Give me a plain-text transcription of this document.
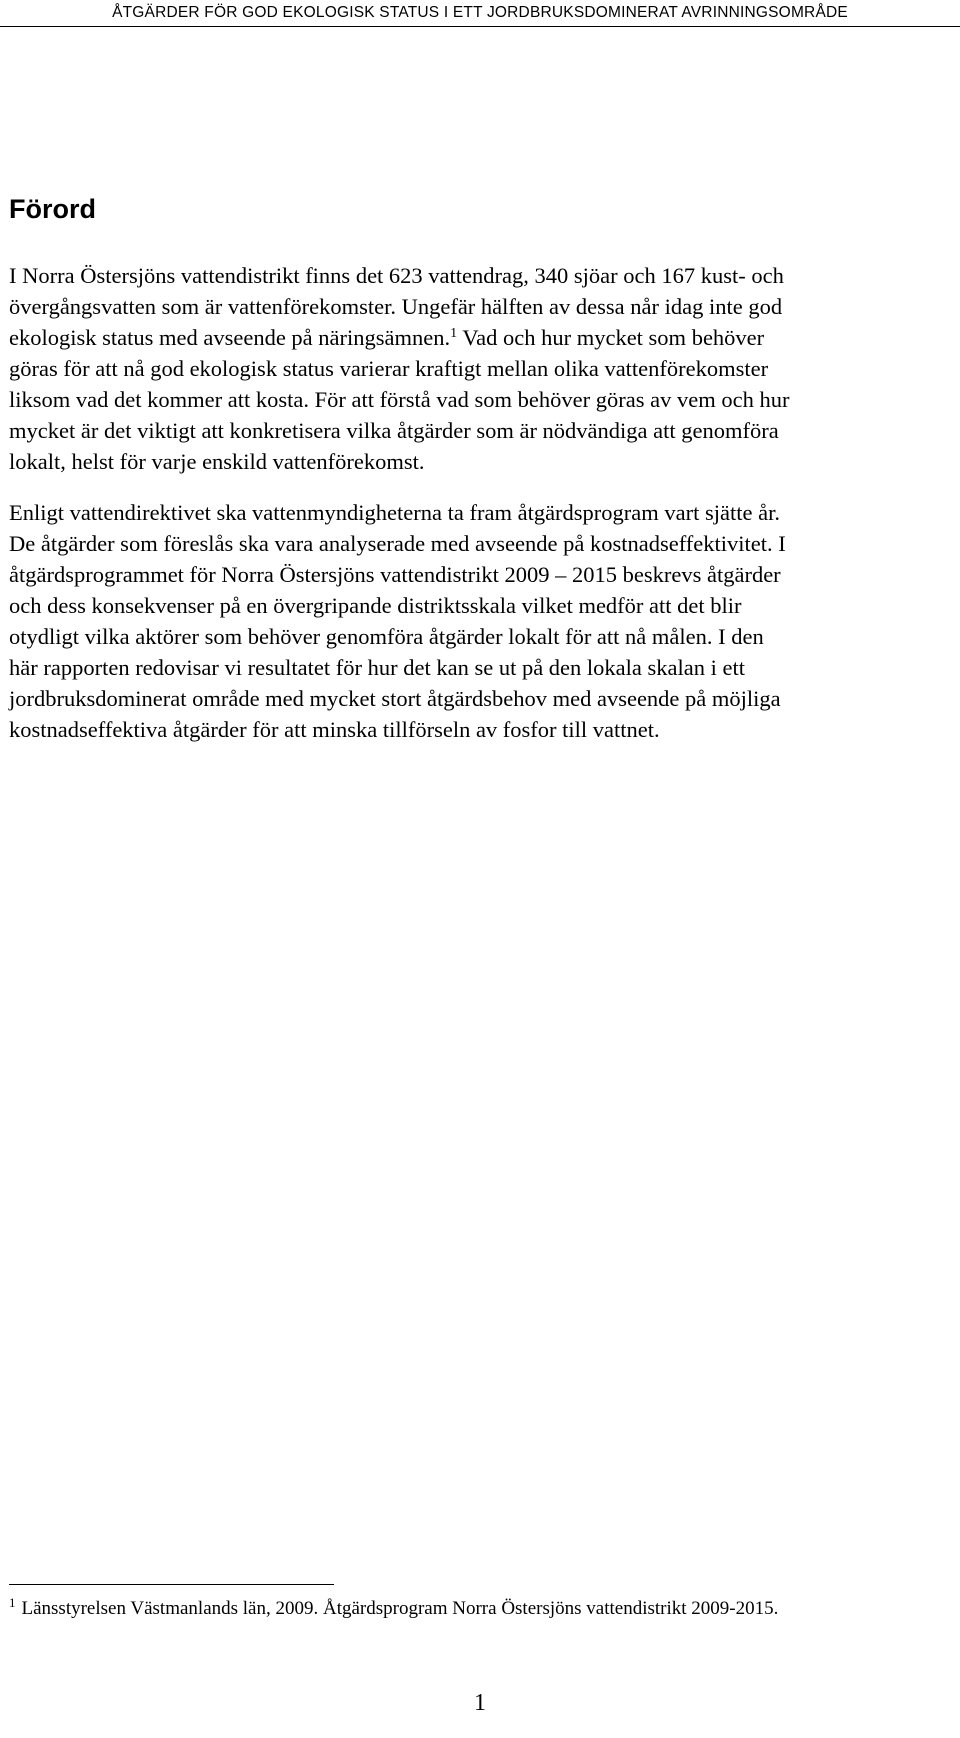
ÅTGÄRDER FÖR GOD EKOLOGISK STATUS I ETT JORDBRUKSDOMINERAT AVRINNINGSOMRÅDE
Förord

I Norra Östersjöns vattendistrikt finns det 623 vattendrag, 340 sjöar och 167 kust- och
övergångsvatten som är vattenförekomster. Ungefär hälften av dessa når idag inte god
ekologisk status med avseende på näringsämnen.$^1$ Vad och hur mycket som behöver
göras för att nå god ekologisk status varierar kraftigt mellan olika vattenförekomster
liksom vad det kommer att kosta. För att förstå vad som behöver göras av vem och hur
mycket är det viktigt att konkretisera vilka åtgärder som är nödvändiga att genomföra
lokalt, helst för varje enskild vattenförekomst.

Enligt vattendirektivet ska vattenmyndigheterna ta fram åtgärdsprogram vart sjätte år.
De åtgärder som föreslås ska vara analyserade med avseende på kostnadseffektivitet. I
åtgärdsprogrammet för Norra Östersjöns vattendistrikt 2009 – 2015 beskrevs åtgärder
och dess konsekvenser på en övergripande distriktsskala vilket medför att det blir
otydligt vilka aktörer som behöver genomföra åtgärder lokalt för att nå målen. I den
här rapporten redovisar vi resultatet för hur det kan se ut på den lokala skalan i ett
jordbruksdominerat område med mycket stort åtgärdsbehov med avseende på möjliga
kostnadseffektiva åtgärder för att minska tillförseln av fosfor till vattnet.

$^1$ Länsstyrelsen Västmanlands län, 2009. Åtgärdsprogram Norra Östersjöns vattendistrikt 2009-2015.
1
